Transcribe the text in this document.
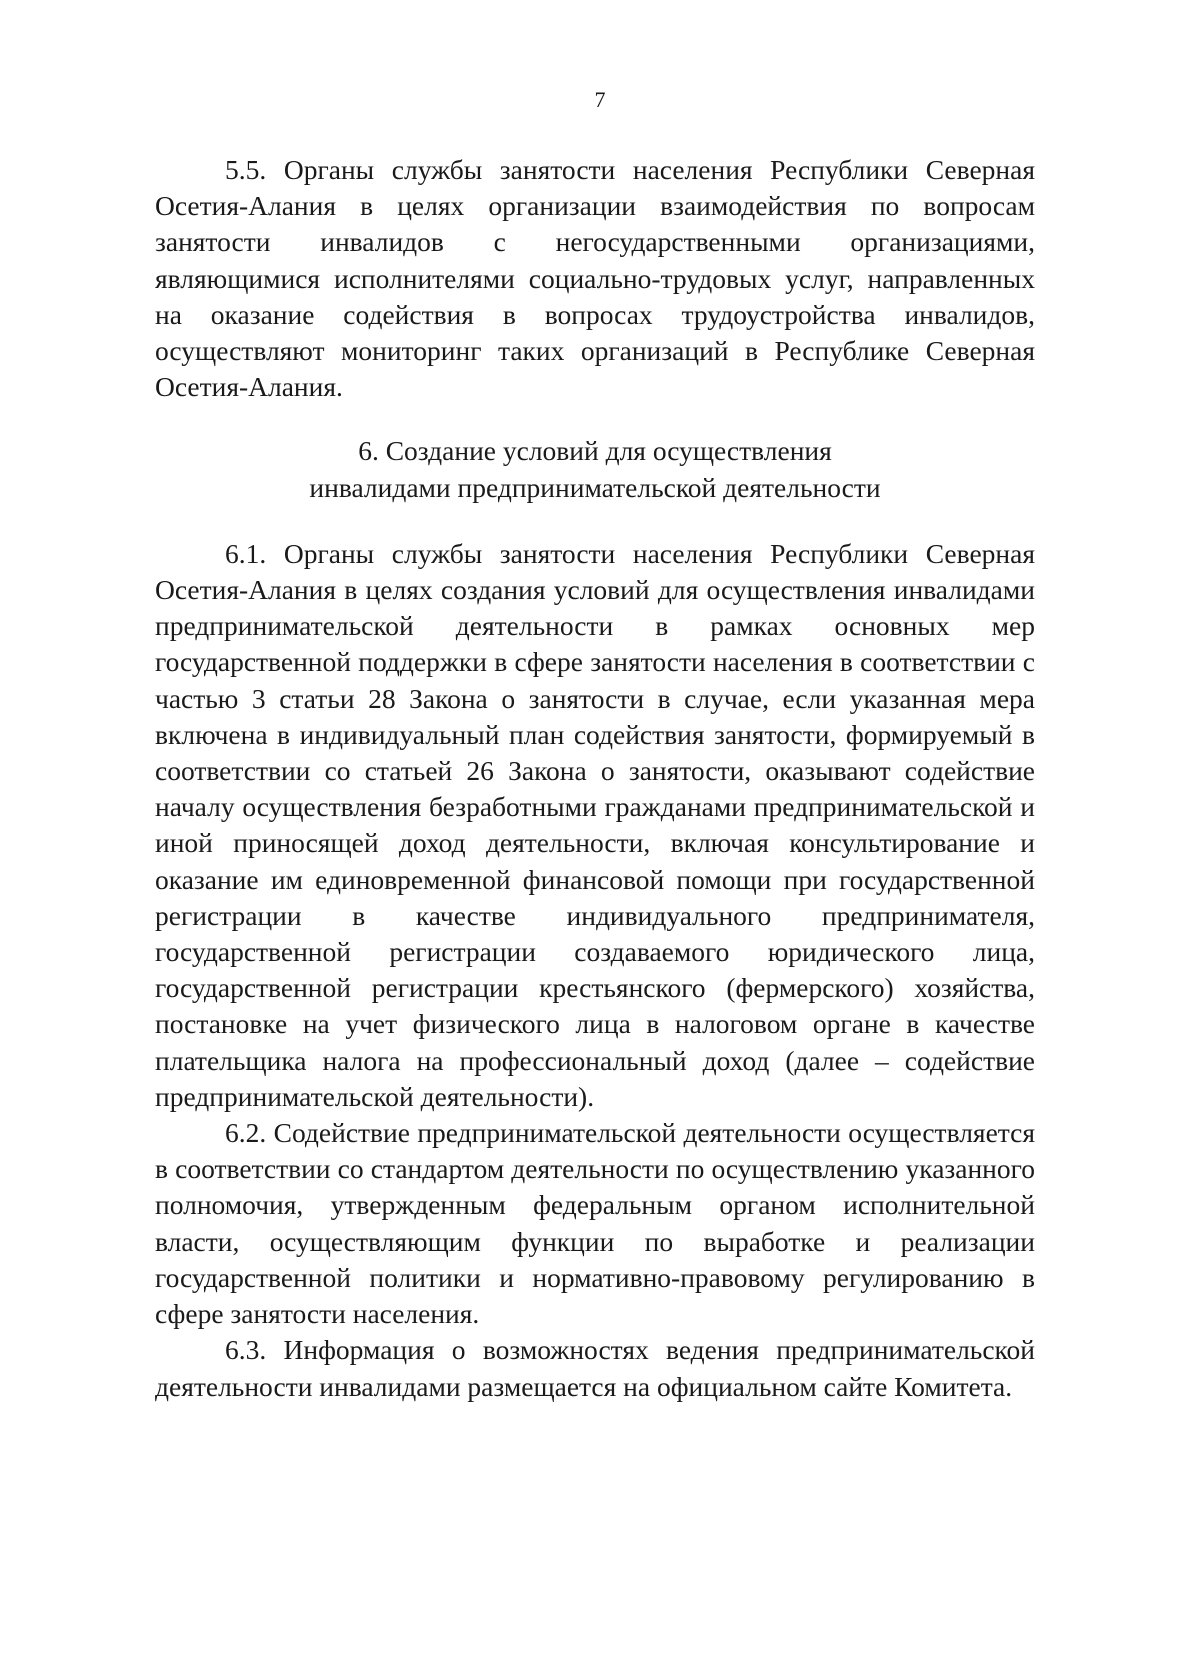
7

5.5. Органы службы занятости населения Республики Северная Осетия-Алания в целях организации взаимодействия по вопросам занятости инвалидов с негосударственными организациями, являющимися исполнителями социально-трудовых услуг, направленных на оказание содействия в вопросах трудоустройства инвалидов, осуществляют мониторинг таких организаций в Республике Северная Осетия-Алания.

6. Создание условий для осуществления

инвалидами предпринимательской деятельности

6.1. Органы службы занятости населения Республики Северная Осетия-Алания в целях создания условий для осуществления инвалидами предпринимательской деятельности в рамках основных мер государственной поддержки в сфере занятости населения в соответствии с частью 3 статьи 28 Закона о занятости в случае, если указанная мера включена в индивидуальный план содействия занятости, формируемый в соответствии со статьей 26 Закона о занятости, оказывают содействие началу осуществления безработными гражданами предпринимательской и иной приносящей доход деятельности, включая консультирование и оказание им единовременной финансовой помощи при государственной регистрации в качестве индивидуального предпринимателя, государственной регистрации создаваемого юридического лица, государственной регистрации крестьянского (фермерского) хозяйства, постановке на учет физического лица в налоговом органе в качестве плательщика налога на профессиональный доход (далее – содействие предпринимательской деятельности).

6.2. Содействие предпринимательской деятельности осуществляется в соответствии со стандартом деятельности по осуществлению указанного полномочия, утвержденным федеральным органом исполнительной власти, осуществляющим функции по выработке и реализации государственной политики и нормативно-правовому регулированию в сфере занятости населения.

6.3. Информация о возможностях ведения предпринимательской деятельности инвалидами размещается на официальном сайте Комитета.
